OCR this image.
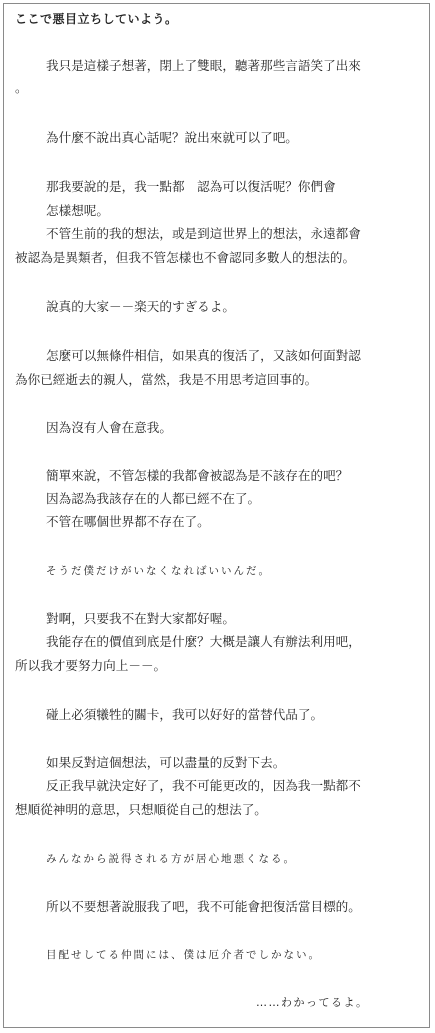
ここで悪目立ちしていよう。
我只是這樣子想著，閉上了雙眼，聽著那些言語笑了出來
。
為什麼不說出真心話呢？說出來就可以了吧。
那我要說的是，我一點都　認為可以復活呢？你們會
怎樣想呢。
不管生前的我的想法，或是到這世界上的想法，永遠都會
被認為是異類者，但我不管怎樣也不會認同多數人的想法的。
說真的大家－－楽天的すぎるよ。
怎麼可以無條件相信，如果真的復活了，又該如何面對認
為你已經逝去的親人，當然，我是不用思考這回事的。
因為沒有人會在意我。
簡單來說，不管怎樣的我都會被認為是不該存在的吧？
因為認為我該存在的人都已經不在了。
不管在哪個世界都不存在了。
そうだ僕だけがいなくなればいいんだ。
對啊，只要我不在對大家都好喔。
我能存在的價值到底是什麼？大概是讓人有辦法利用吧，
所以我才要努力向上－－。
碰上必須犧牲的關卡，我可以好好的當替代品了。
如果反對這個想法，可以盡量的反對下去。
反正我早就決定好了，我不可能更改的，因為我一點都不
想順從神明的意思，只想順從自己的想法了。
みんなから説得される方が居心地悪くなる。
所以不要想著說服我了吧，我不可能會把復活當目標的。
目配せしてる仲間には、僕は厄介者でしかない。
……わかってるよ。
